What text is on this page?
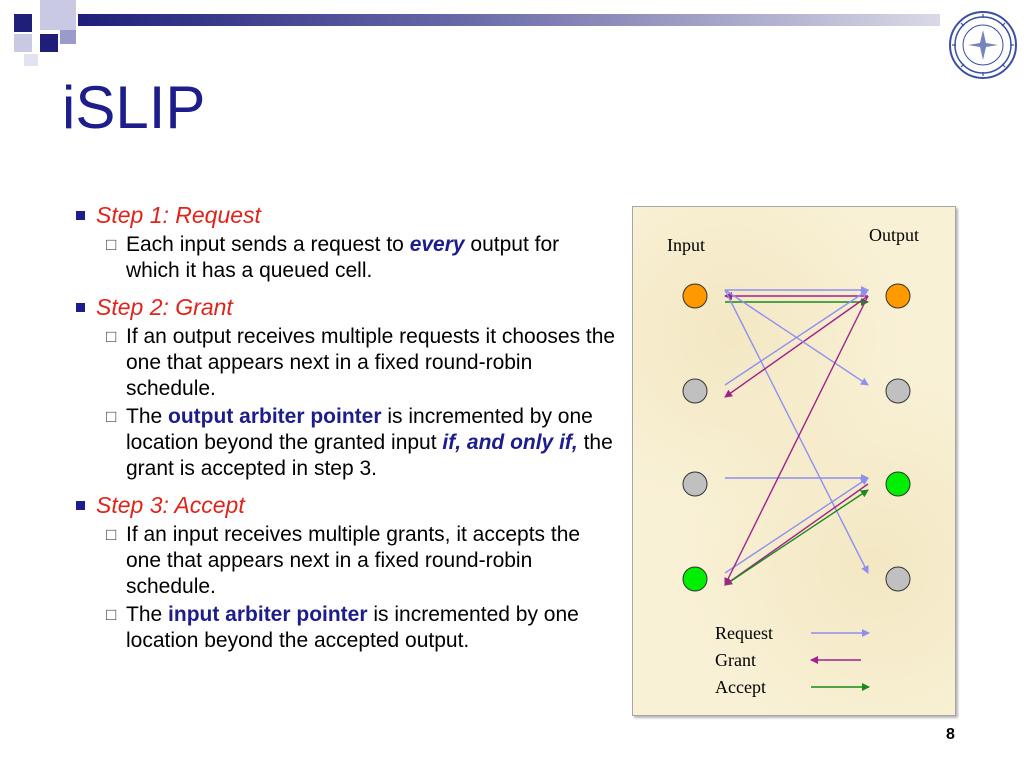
iSLIP
Step 1: Request
□ Each input sends a request to every output for which it has a queued cell.
Step 2: Grant
□ If an output receives multiple requests it chooses the one that appears next in a fixed round-robin schedule.
□ The output arbiter pointer is incremented by one location beyond the granted input if, and only if, the grant is accepted in step 3.
Step 3: Accept
□ If an input receives multiple grants, it accepts the one that appears next in a fixed round-robin schedule.
□ The input arbiter pointer is incremented by one location beyond the accepted output.
Input	Output
Request
Grant
Accept
8
